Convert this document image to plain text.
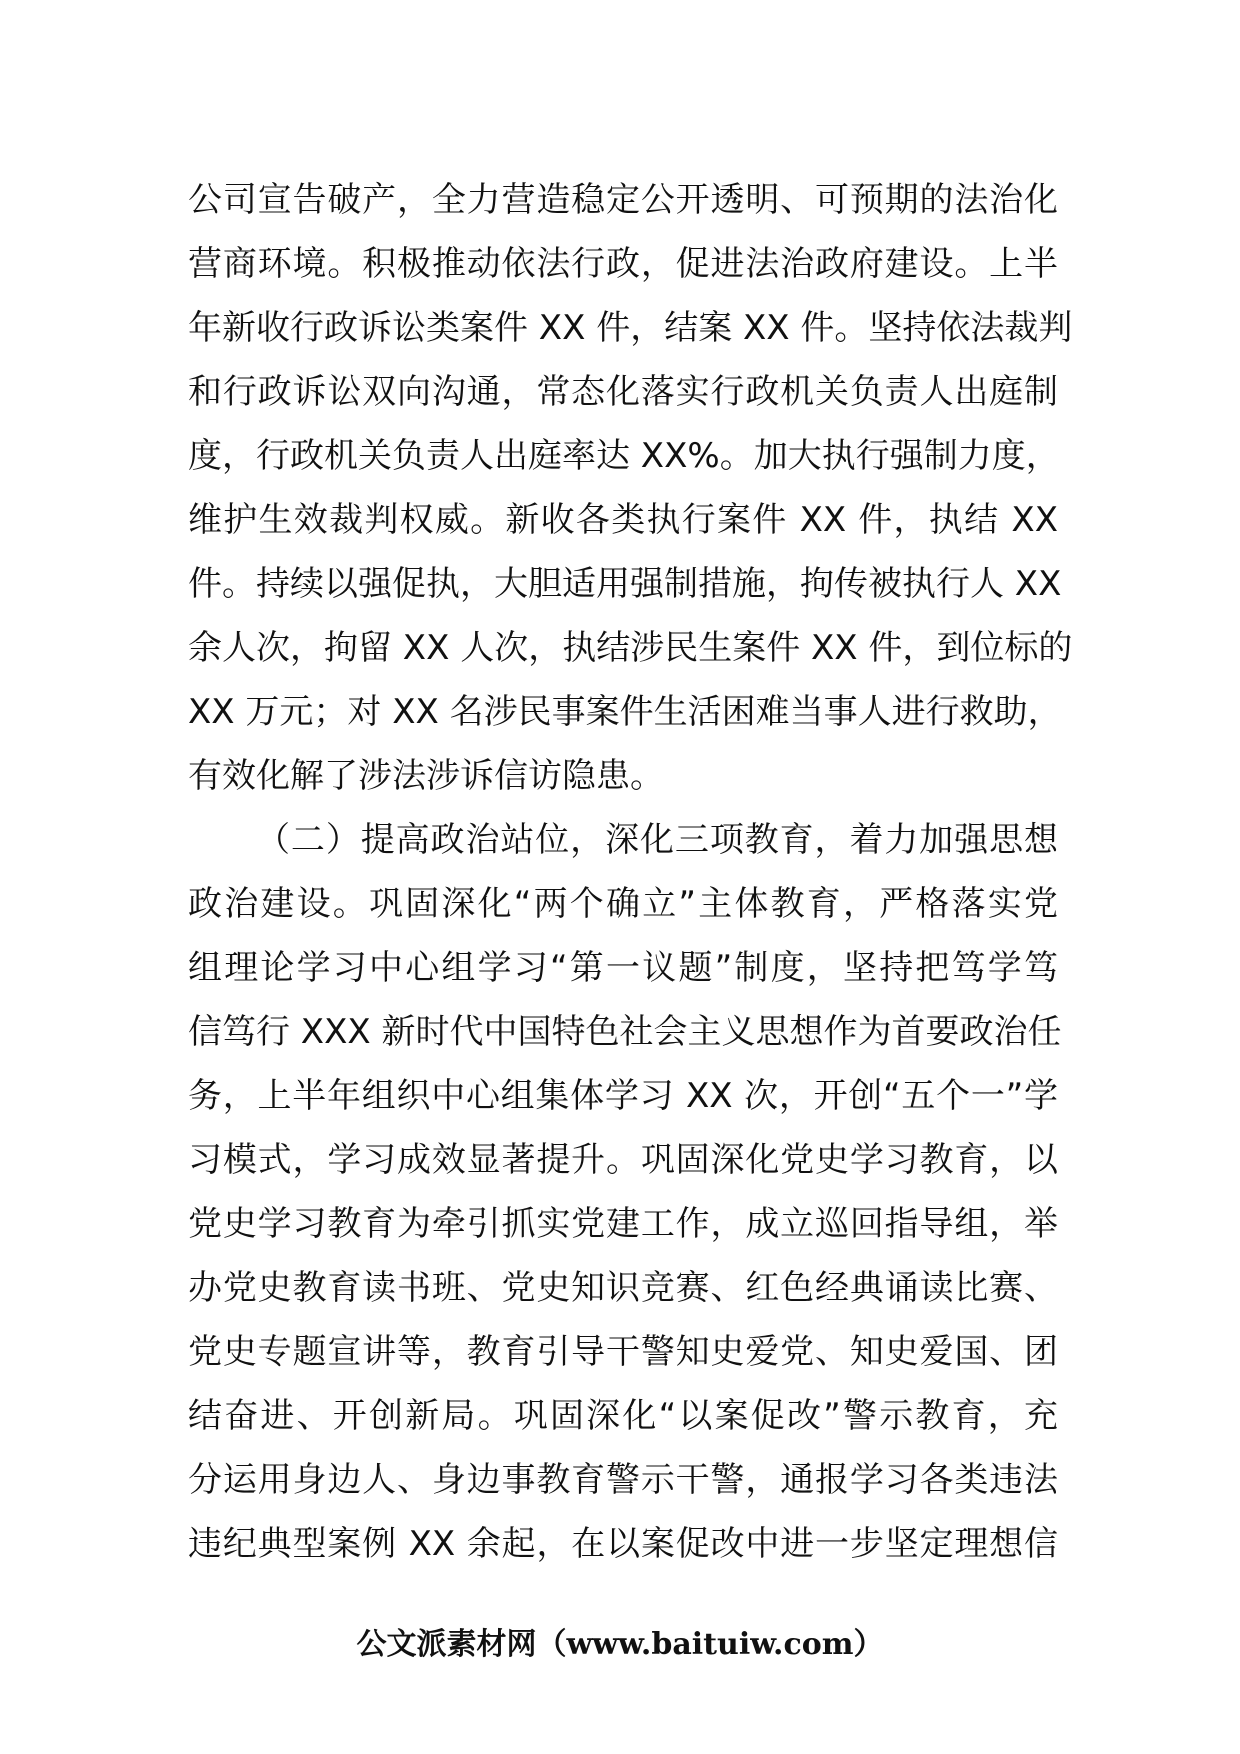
公司宣告破产，全力营造稳定公开透明、可预期的法治化
营商环境。积极推动依法行政，促进法治政府建设。上半
年新收行政诉讼类案件 XX 件，结案 XX 件。坚持依法裁判
和行政诉讼双向沟通，常态化落实行政机关负责人出庭制
度，行政机关负责人出庭率达 XX%。加大执行强制力度，
维护生效裁判权威。新收各类执行案件 XX 件，执结 XX
件。持续以强促执，大胆适用强制措施，拘传被执行人 XX
余人次，拘留 XX 人次，执结涉民生案件 XX 件，到位标的
XX 万元；对 XX 名涉民事案件生活困难当事人进行救助，
有效化解了涉法涉诉信访隐患。
（二）提高政治站位，深化三项教育，着力加强思想
政治建设。巩固深化“两个确立”主体教育，严格落实党
组理论学习中心组学习“第一议题”制度，坚持把笃学笃
信笃行 XXX 新时代中国特色社会主义思想作为首要政治任
务，上半年组织中心组集体学习 XX 次，开创“五个一”学
习模式，学习成效显著提升。巩固深化党史学习教育，以
党史学习教育为牵引抓实党建工作，成立巡回指导组，举
办党史教育读书班、党史知识竞赛、红色经典诵读比赛、
党史专题宣讲等，教育引导干警知史爱党、知史爱国、团
结奋进、开创新局。巩固深化“以案促改”警示教育，充
分运用身边人、身边事教育警示干警，通报学习各类违法
违纪典型案例 XX 余起，在以案促改中进一步坚定理想信
公文派素材网（www.baituiw.com）
